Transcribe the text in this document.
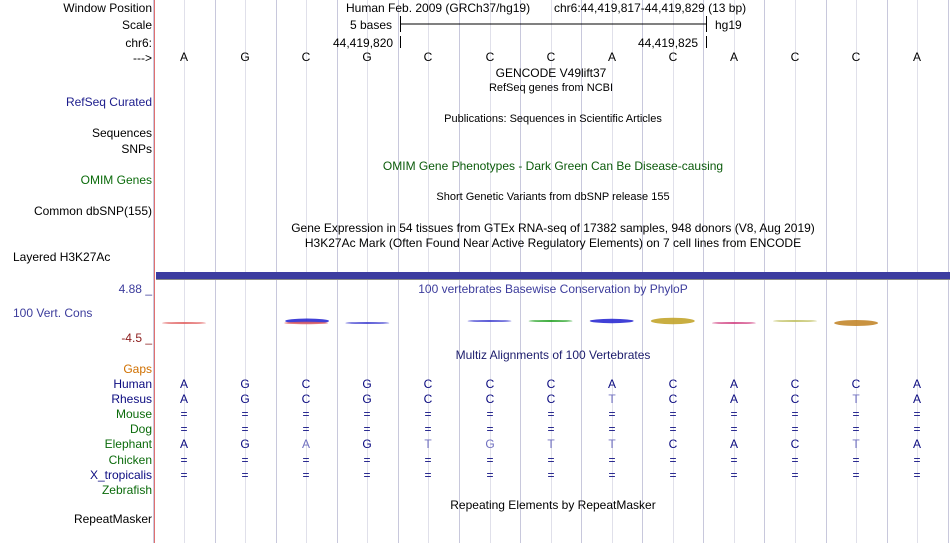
Window Position
Scale
chr6:
--->
Human Feb. 2009 (GRCh37/hg19) chr6:44,419,817-44,419,829 (13 bp)
5 bases	hg19
44,419,820	44,419,825
A	G	C	G	C	C	C	A	C	A	C	C	A
A	G	C	G	C	C	C	A	C	A	C	C	A
A	G	C	G	C	C	C	T	C	A	C	T	A
=	=	=	=	=	=	=	=	=	=	=	=	=
=	=	=	=	=	=	=	=	=	=	=	=	=
A	G	A	G	T	G	T	T	C	A	C	T	A
=	=	=	=	=	=	=	=	=	=	=	=	=
=	=	=	=	=	=	=	=	=	=	=	=	=
GENCODE V49lift37
RefSeq genes from NCBI
RefSeq Curated
Publications: Sequences in Scientific Articles
Sequences
SNPs
OMIM Gene Phenotypes - Dark Green Can Be Disease-causing
OMIM Genes
Short Genetic Variants from dbSNP release 155
Common dbSNP(155)
Gene Expression in 54 tissues from GTEx RNA-seq of 17382 samples, 948 donors (V8, Aug 2019)
H3K27Ac Mark (Often Found Near Active Regulatory Elements) on 7 cell lines from ENCODE
Layered H3K27Ac
100 vertebrates Basewise Conservation by PhyloP
4.88 _
100 Vert. Cons
-4.5 _
Multiz Alignments of 100 Vertebrates
Gaps
Human
Rhesus
Mouse
Dog
Elephant
Chicken
X_tropicalis
Zebrafish
Repeating Elements by RepeatMasker
RepeatMasker
